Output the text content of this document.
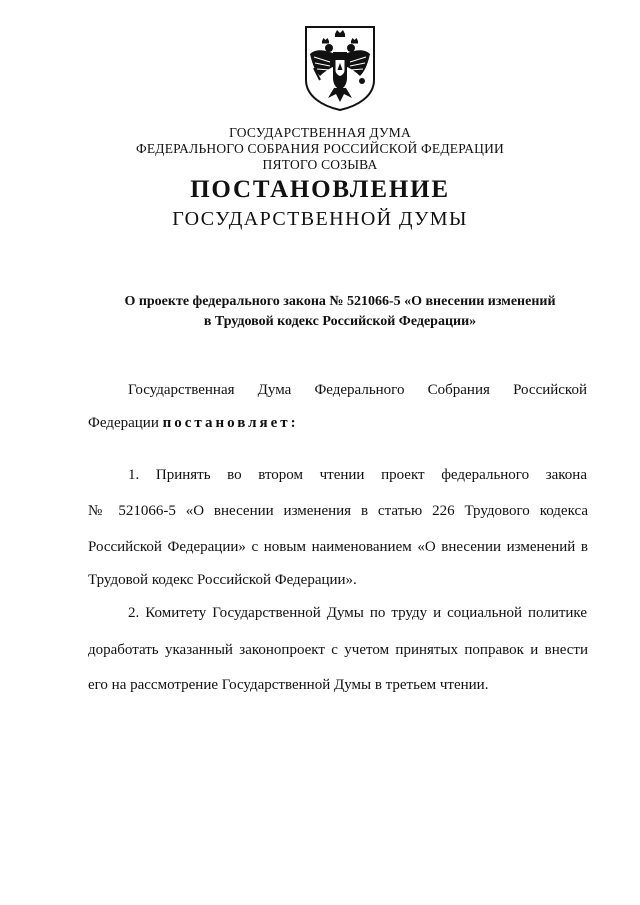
ГОСУДАРСТВЕННАЯ ДУМА
ФЕДЕРАЛЬНОГО СОБРАНИЯ РОССИЙСКОЙ ФЕДЕРАЦИИ
ПЯТОГО СОЗЫВА
ПОСТАНОВЛЕНИЕ
ГОСУДАРСТВЕННОЙ ДУМЫ
О проекте федерального закона № 521066-5 «О внесении изменений
в Трудовой кодекс Российской Федерации»
Государственная Дума Федерального Собрания Российской
Федерации постановляет:
1. Принять во втором чтении проект федерального закона
№ 521066-5 «О внесении изменения в статью 226 Трудового кодекса
Российской Федерации» с новым наименованием «О внесении изменений в
Трудовой кодекс Российской Федерации».
2. Комитету Государственной Думы по труду и социальной политике
доработать указанный законопроект с учетом принятых поправок и внести
его на рассмотрение Государственной Думы в третьем чтении.
